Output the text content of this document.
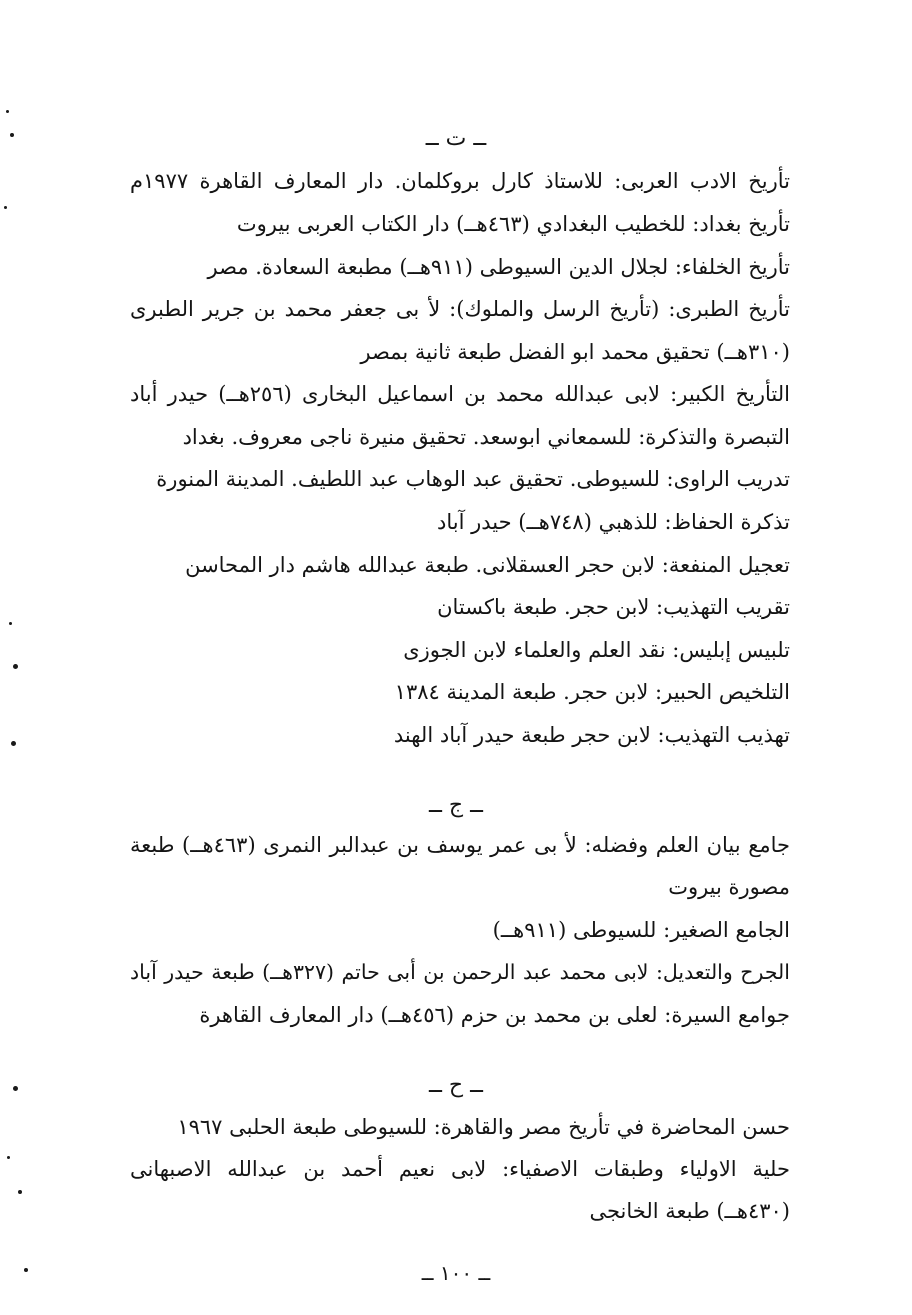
ــ ت ــ
تأريخ الادب العربى: للاستاذ كارل بروكلمان. دار المعارف القاهرة ١٩٧٧م
تأريخ بغداد: للخطيب البغدادي (٤٦٣هــ) دار الكتاب العربى بيروت
تأريخ الخلفاء: لجلال الدين السيوطى (٩١١هــ) مطبعة السعادة. مصر
تأريخ الطبرى: (تأريخ الرسل والملوك): لأ بى جعفر محمد بن جرير الطبرى
(٣١٠هــ) تحقيق محمد ابو الفضل طبعة ثانية بمصر
التأريخ الكبير: لابى عبدالله محمد بن اسماعيل البخارى (٢٥٦هــ) حيدر أباد
التبصرة والتذكرة: للسمعاني ابوسعد. تحقيق منيرة ناجى معروف. بغداد
تدريب الراوى: للسيوطى. تحقيق عبد الوهاب عبد اللطيف. المدينة المنورة
تذكرة الحفاظ: للذهبي (٧٤٨هــ) حيدر آباد
تعجيل المنفعة: لابن حجر العسقلانى. طبعة عبدالله هاشم دار المحاسن
تقريب التهذيب: لابن حجر. طبعة باكستان
تلبيس إبليس: نقد العلم والعلماء لابن الجوزى
التلخيص الحبير: لابن حجر. طبعة المدينة ١٣٨٤
تهذيب التهذيب: لابن حجر طبعة حيدر آباد الهند
ــ ج ــ
جامع بيان العلم وفضله: لأ بى عمر يوسف بن عبدالبر النمرى (٤٦٣هــ) طبعة
مصورة بيروت
الجامع الصغير: للسيوطى (٩١١هــ)
الجرح والتعديل: لابى محمد عبد الرحمن بن أبى حاتم (٣٢٧هــ) طبعة حيدر آباد
جوامع السيرة: لعلى بن محمد بن حزم (٤٥٦هــ) دار المعارف القاهرة
ــ ح ــ
حسن المحاضرة في تأريخ مصر والقاهرة: للسيوطى طبعة الحلبى ١٩٦٧
حلية الاولياء وطبقات الاصفياء: لابى نعيم أحمد بن عبدالله الاصبهانى
(٤٣٠هــ) طبعة الخانجى
ــ ١٠٠ ــ
